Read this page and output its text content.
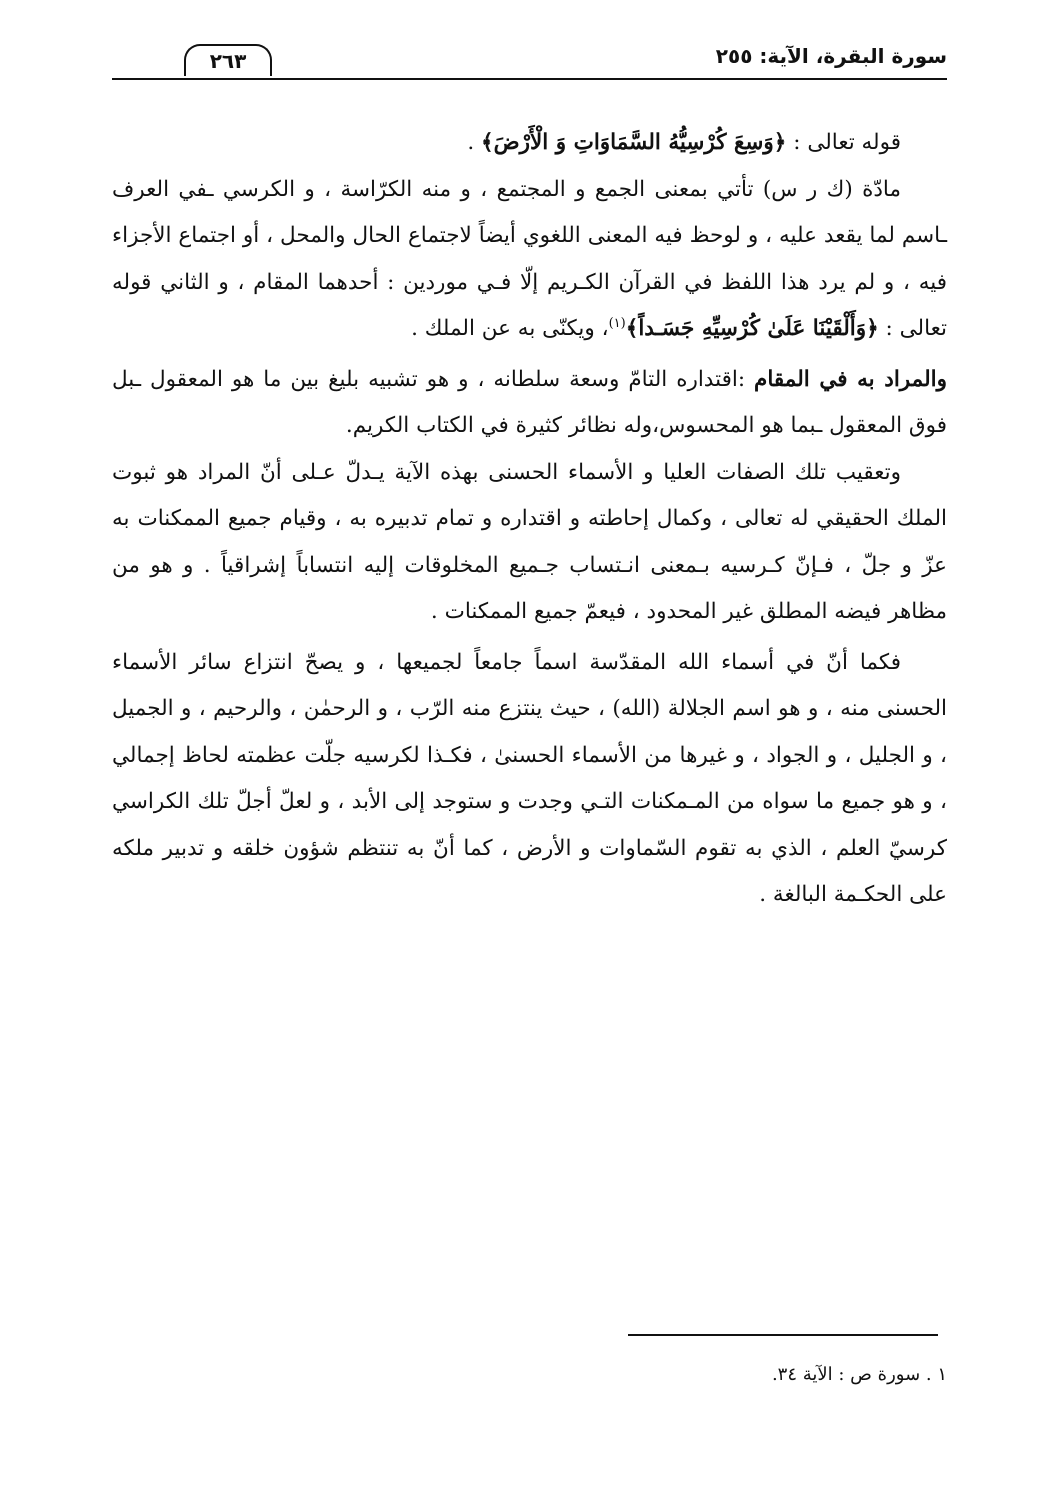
سورة البقرة، الآية: ٢٥٥
٢٦٣

قوله تعالى : ﴿وَسِعَ كُرْسِيُّهُ السَّمَاوَاتِ وَ الْأَرْضَ﴾ .

مادّة (ك ر س) تأتي بمعنى الجمع و المجتمع ، و منه الكرّاسة ، و الكرسي ـفي العرف ـاسم لما يقعد عليه ، و لوحظ فيه المعنى اللغوي أيضاً لاجتماع الحال والمحل ، أو اجتماع الأجزاء فيه ، و لم يرد هذا اللفظ في القرآن الكـريم إلّا فـي موردين : أحدهما المقام ، و الثاني قوله تعالى : ﴿وَأَلْقَيْنَا عَلَىٰ كُرْسِيِّهِ جَسَـداً﴾$^{(١)}$، ويكنّى به عن الملك .

والمراد به في المقام :اقتداره التامّ وسعة سلطانه ، و هو تشبيه بليغ بين ما هو المعقول ـبل فوق المعقول ـبما هو المحسوس،وله نظائر كثيرة في الكتاب الكريم.

وتعقيب تلك الصفات العليا و الأسماء الحسنى بهذه الآية يـدلّ عـلى أنّ المراد هو ثبوت الملك الحقيقي له تعالى ، وكمال إحاطته و اقتداره و تمام تدبيره به ، وقيام جميع الممكنات به عزّ و جلّ ، فـإنّ كـرسيه بـمعنى انـتساب جـميع المخلوقات إليه انتساباً إشراقياً . و هو من مظاهر فيضه المطلق غير المحدود ، فيعمّ جميع الممكنات .

فكما أنّ في أسماء الله المقدّسة اسماً جامعاً لجميعها ، و يصحّ انتزاع سائر الأسماء الحسنى منه ، و هو اسم الجلالة (الله) ، حيث ينتزع منه الرّب ، و الرحمٰن ، والرحيم ، و الجميل ، و الجليل ، و الجواد ، و غيرها من الأسماء الحسنىٰ ، فكـذا لكرسيه جلّت عظمته لحاظ إجمالي ، و هو جميع ما سواه من المـمكنات التـي وجدت و ستوجد إلى الأبد ، و لعلّ أجلّ تلك الكراسي كرسيّ العلم ، الذي به تقوم السّماوات و الأرض ، كما أنّ به تنتظم شؤون خلقه و تدبير ملكه على الحكـمة البالغة .

١ . سورة ص : الآية ٣٤.
